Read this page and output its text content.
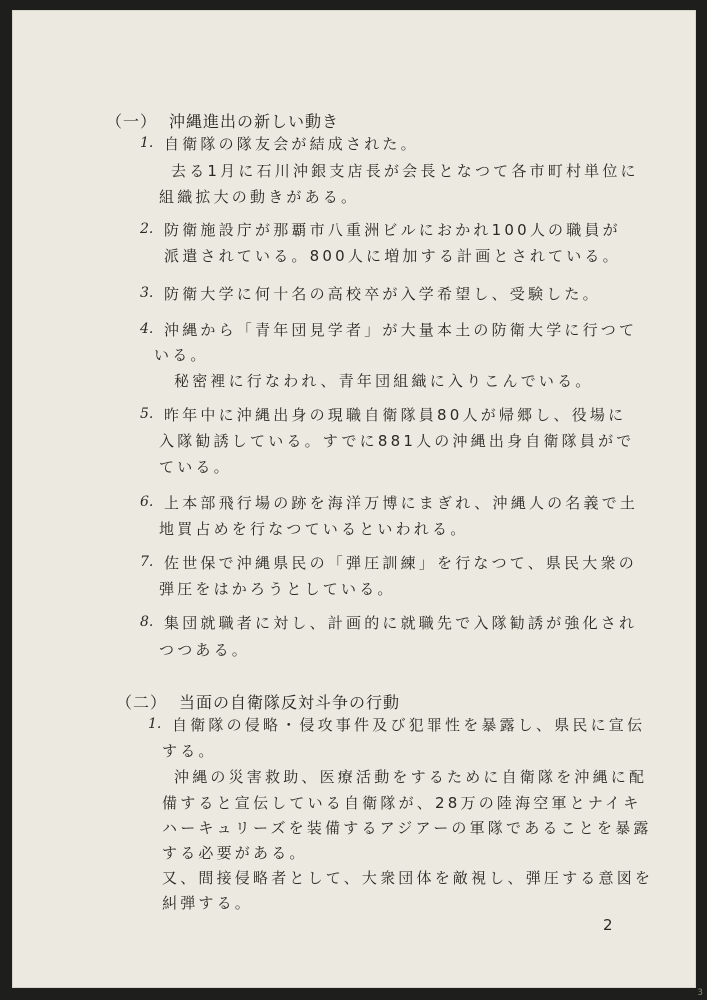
（一） 沖縄進出の新しい動き
1. 自衛隊の隊友会が結成された。
去る1月に石川沖銀支店長が会長となつて各市町村単位に
組織拡大の動きがある。
2. 防衛施設庁が那覇市八重洲ビルにおかれ100人の職員が
派遣されている。800人に増加する計画とされている。
3. 防衛大学に何十名の高校卒が入学希望し、受験した。
4. 沖縄から「青年団見学者」が大量本土の防衛大学に行つて
いる。
秘密裡に行なわれ、青年団組織に入りこんでいる。
5. 昨年中に沖縄出身の現職自衛隊員80人が帰郷し、役場に
入隊勧誘している。すでに881人の沖縄出身自衛隊員がで
ている。
6. 上本部飛行場の跡を海洋万博にまぎれ、沖縄人の名義で土
地買占めを行なつているといわれる。
7. 佐世保で沖縄県民の「弾圧訓練」を行なつて、県民大衆の
弾圧をはかろうとしている。
8. 集団就職者に対し、計画的に就職先で入隊勧誘が強化され
つつある。
（二） 当面の自衛隊反対斗争の行動
1. 自衛隊の侵略・侵攻事件及び犯罪性を暴露し、県民に宣伝
する。
沖縄の災害救助、医療活動をするために自衛隊を沖縄に配
備すると宣伝している自衛隊が、28万の陸海空軍とナイキ
ハーキュリーズを装備するアジアーの軍隊であることを暴露
する必要がある。
又、間接侵略者として、大衆団体を敵視し、弾圧する意図を
糾弾する。
2
3
